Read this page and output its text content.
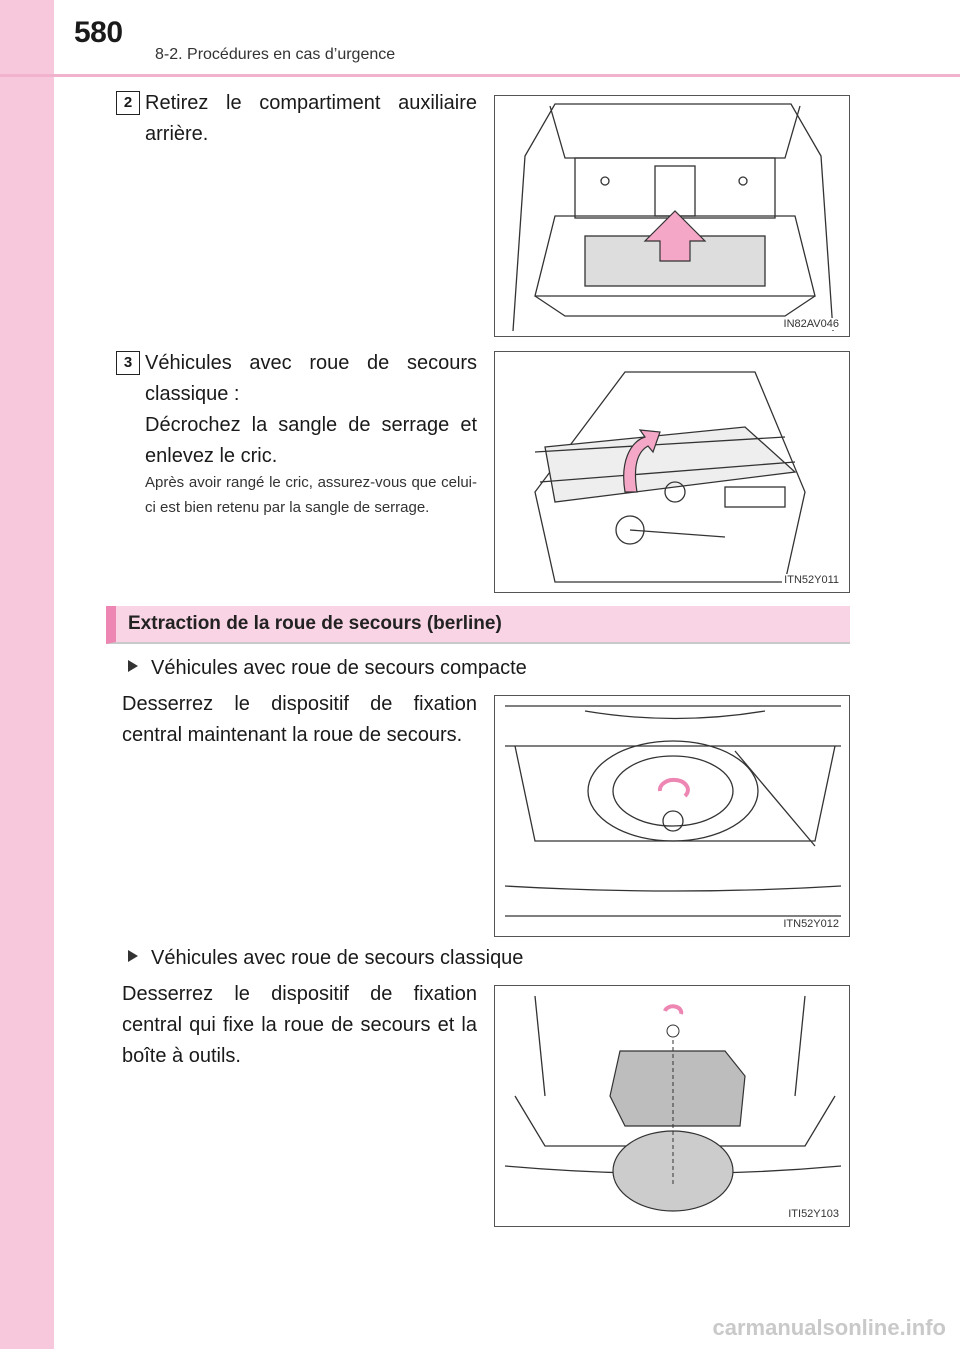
580
8-2. Procédures en cas d’urgence
2 Retirez le compartiment auxiliaire arrière.
IN82AV046
3 Véhicules avec roue de secours classique :
Décrochez la sangle de serrage et enlevez le cric.
Après avoir rangé le cric, assurez-vous que celui-ci est bien retenu par la sangle de serrage.
ITN52Y011
Extraction de la roue de secours (berline)
Véhicules avec roue de secours compacte
Desserrez le dispositif de fixation central maintenant la roue de secours.
ITN52Y012
Véhicules avec roue de secours classique
Desserrez le dispositif de fixation central qui fixe la roue de secours et la boîte à outils.
ITI52Y103
carmanualsonline.info
